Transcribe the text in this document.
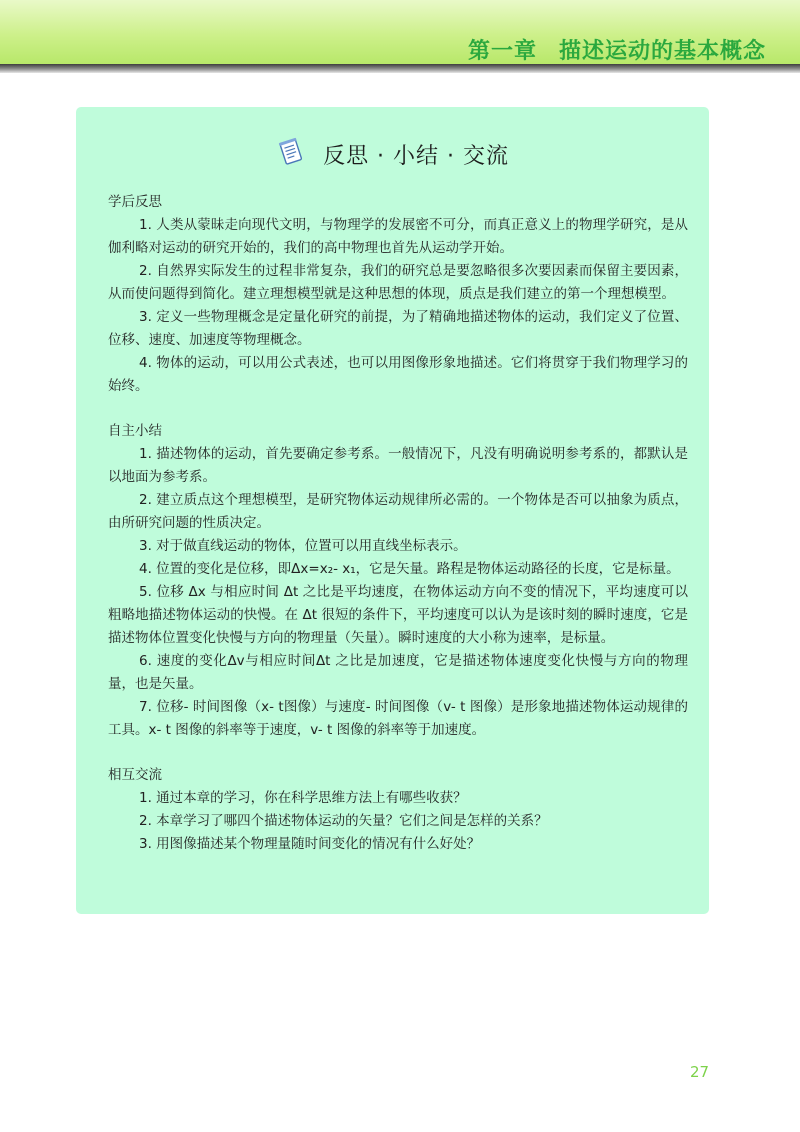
第一章 描述运动的基本概念
反思 · 小结 · 交流
学后反思
1. 人类从蒙昧走向现代文明，与物理学的发展密不可分，而真正意义上的物理学研究，是从伽利略对运动的研究开始的，我们的高中物理也首先从运动学开始。
2. 自然界实际发生的过程非常复杂，我们的研究总是要忽略很多次要因素而保留主要因素，从而使问题得到简化。建立理想模型就是这种思想的体现，质点是我们建立的第一个理想模型。
3. 定义一些物理概念是定量化研究的前提，为了精确地描述物体的运动，我们定义了位置、位移、速度、加速度等物理概念。
4. 物体的运动，可以用公式表述，也可以用图像形象地描述。它们将贯穿于我们物理学习的始终。
自主小结
1. 描述物体的运动，首先要确定参考系。一般情况下，凡没有明确说明参考系的，都默认是以地面为参考系。
2. 建立质点这个理想模型，是研究物体运动规律所必需的。一个物体是否可以抽象为质点，由所研究问题的性质决定。
3. 对于做直线运动的物体，位置可以用直线坐标表示。
4. 位置的变化是位移，即Δx=x₂- x₁，它是矢量。路程是物体运动路径的长度，它是标量。
5. 位移 Δx 与相应时间 Δt 之比是平均速度，在物体运动方向不变的情况下，平均速度可以粗略地描述物体运动的快慢。在 Δt 很短的条件下，平均速度可以认为是该时刻的瞬时速度，它是描述物体位置变化快慢与方向的物理量（矢量）。瞬时速度的大小称为速率，是标量。
6. 速度的变化Δv与相应时间Δt 之比是加速度，它是描述物体速度变化快慢与方向的物理量，也是矢量。
7. 位移- 时间图像（x- t图像）与速度- 时间图像（v- t 图像）是形象地描述物体运动规律的工具。x- t 图像的斜率等于速度，v- t 图像的斜率等于加速度。
相互交流
1. 通过本章的学习，你在科学思维方法上有哪些收获？
2. 本章学习了哪四个描述物体运动的矢量？它们之间是怎样的关系？
3. 用图像描述某个物理量随时间变化的情况有什么好处？
27
